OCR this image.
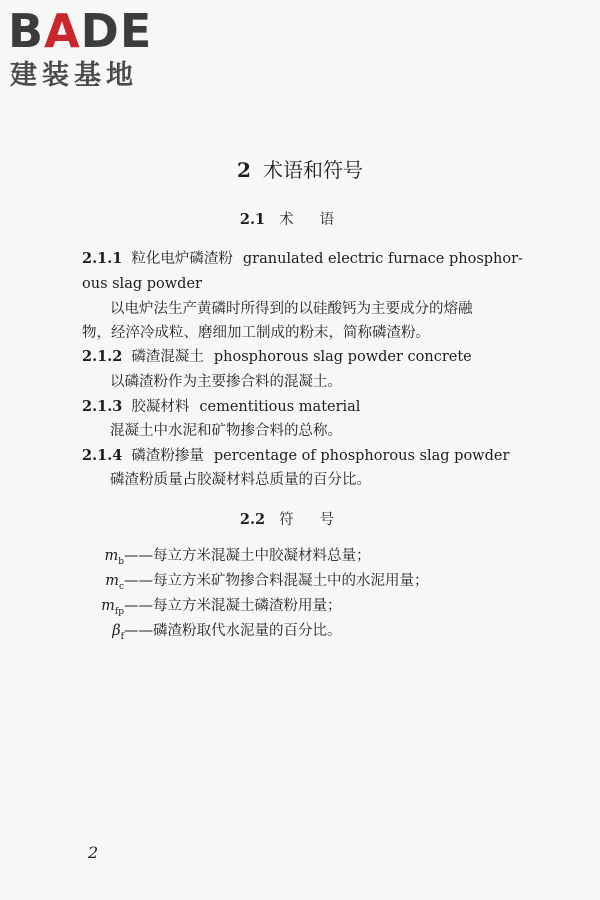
BADE
建装基地
2 术语和符号
2.1 术语
2.1.1 粒化电炉磷渣粉 granulated electric furnace phosphor-
ous slag powder
以电炉法生产黄磷时所得到的以硅酸钙为主要成分的熔融
物，经淬冷成粒、磨细加工制成的粉末，简称磷渣粉。
2.1.2 磷渣混凝土 phosphorous slag powder concrete
以磷渣粉作为主要掺合料的混凝土。
2.1.3 胶凝材料 cementitious material
混凝土中水泥和矿物掺合料的总称。
2.1.4 磷渣粉掺量 percentage of phosphorous slag powder
磷渣粉质量占胶凝材料总质量的百分比。
2.2 符号
$m_b——$每立方米混凝土中胶凝材料总量；
$m_c——$每立方米矿物掺合料混凝土中的水泥用量；
$m_{fp}——$每立方米混凝土磷渣粉用量；
$\beta_f——$磷渣粉取代水泥量的百分比。
2
